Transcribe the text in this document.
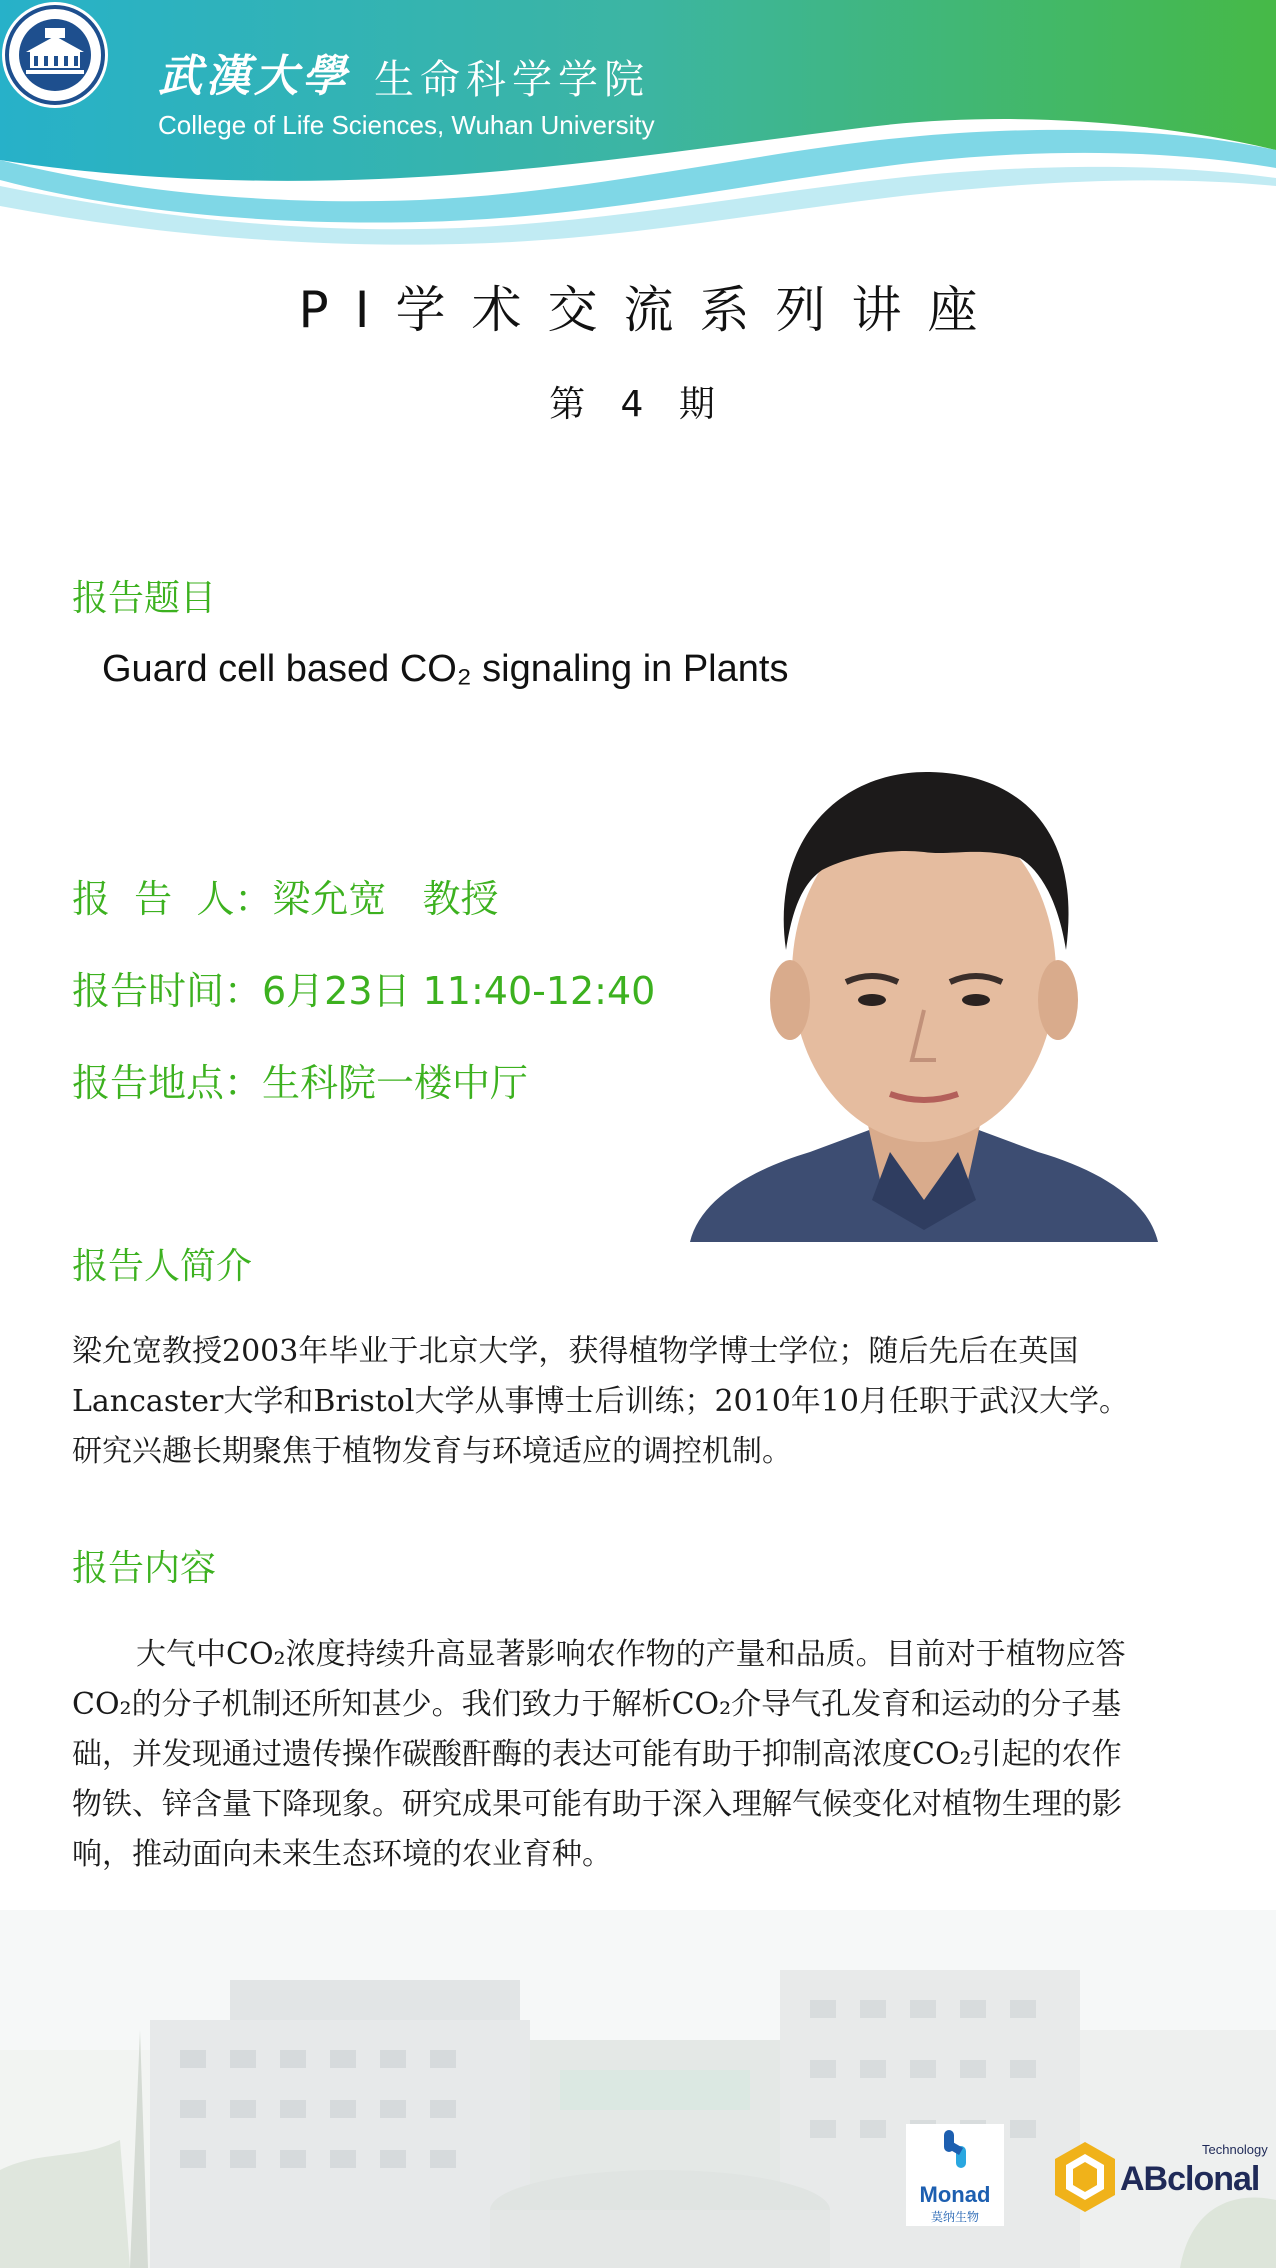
武漢大學 生命科学学院
College of Life Sciences, Wuhan University
PI学术交流系列讲座
第 4 期
报告题目
Guard cell based CO₂ signaling in Plants
报  告  人：梁允宽   教授
报告时间：6月23日 11:40-12:40
报告地点：生科院一楼中厅
报告人简介

梁允宽教授2003年毕业于北京大学，获得植物学博士学位；随后先后在英国

Lancaster大学和Bristol大学从事博士后训练；2010年10月任职于武汉大学。

研究兴趣长期聚焦于植物发育与环境适应的调控机制。

报告内容

大气中CO₂浓度持续升高显著影响农作物的产量和品质。目前对于植物应答

CO₂的分子机制还所知甚少。我们致力于解析CO₂介导气孔发育和运动的分子基

础，并发现通过遗传操作碳酸酐酶的表达可能有助于抑制高浓度CO₂引起的农作

物铁、锌含量下降现象。研究成果可能有助于深入理解气候变化对植物生理的影

响，推动面向未来生态环境的农业育种。

Monad
莫纳生物
Technology
ABclonal
